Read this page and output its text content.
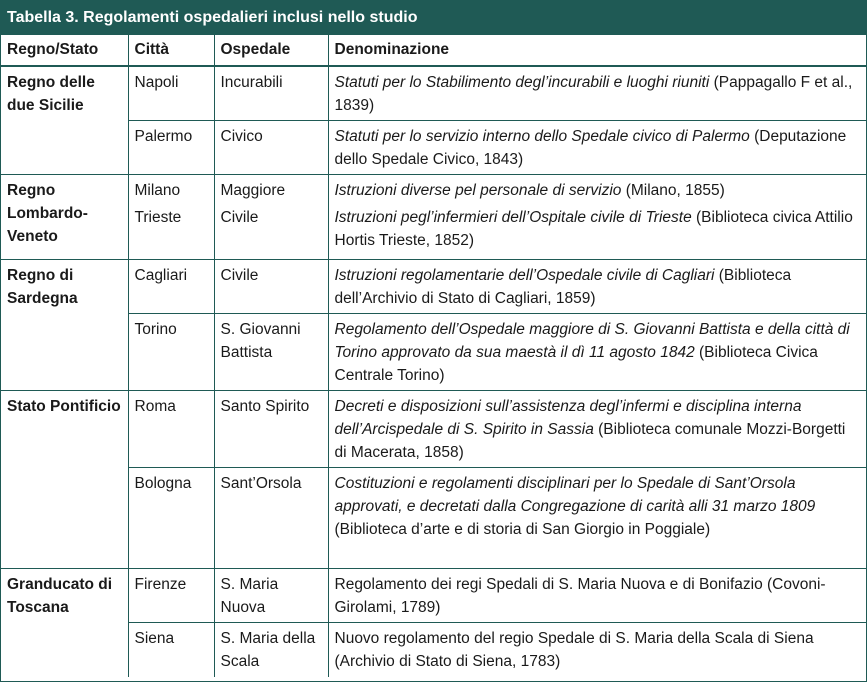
Tabella 3. Regolamenti ospedalieri inclusi nello studio
Regno/Stato	Città	Ospedale	Denominazione
Regno delle due Sicilie	Napoli	Incurabili	Statuti per lo Stabilimento degl’incurabili e luoghi riuniti (Pappagallo F et al., 1839)
	Palermo	Civico	Statuti per lo servizio interno dello Spedale civico di Palermo (Deputazione dello Spedale Civico, 1843)
Regno Lombardo-Veneto	Milano	Maggiore	Istruzioni diverse pel personale di servizio (Milano, 1855)
	Trieste	Civile	Istruzioni pegl’infermieri dell’Ospitale civile di Trieste (Biblioteca civica Attilio Hortis Trieste, 1852)
Regno di Sardegna	Cagliari	Civile	Istruzioni regolamentarie dell’Ospedale civile di Cagliari (Biblioteca dell’Archivio di Stato di Cagliari, 1859)
	Torino	S. Giovanni Battista	Regolamento dell’Ospedale maggiore di S. Giovanni Battista e della città di Torino approvato da sua maestà il dì 11 agosto 1842 (Biblioteca Civica Centrale Torino)
Stato Pontificio	Roma	Santo Spirito	Decreti e disposizioni sull’assistenza degl’infermi e disciplina interna dell’Arcispedale di S. Spirito in Sassia (Biblioteca comunale Mozzi-Borgetti di Macerata, 1858)
	Bologna	Sant’Orsola	Costituzioni e regolamenti disciplinari per lo Spedale di Sant’Orsola approvati, e decretati dalla Congregazione di carità alli 31 marzo 1809 (Biblioteca d’arte e di storia di San Giorgio in Poggiale)
Granducato di Toscana	Firenze	S. Maria Nuova	Regolamento dei regi Spedali di S. Maria Nuova e di Bonifazio (Covoni-Girolami, 1789)
	Siena	S. Maria della Scala	Nuovo regolamento del regio Spedale di S. Maria della Scala di Siena (Archivio di Stato di Siena, 1783)
